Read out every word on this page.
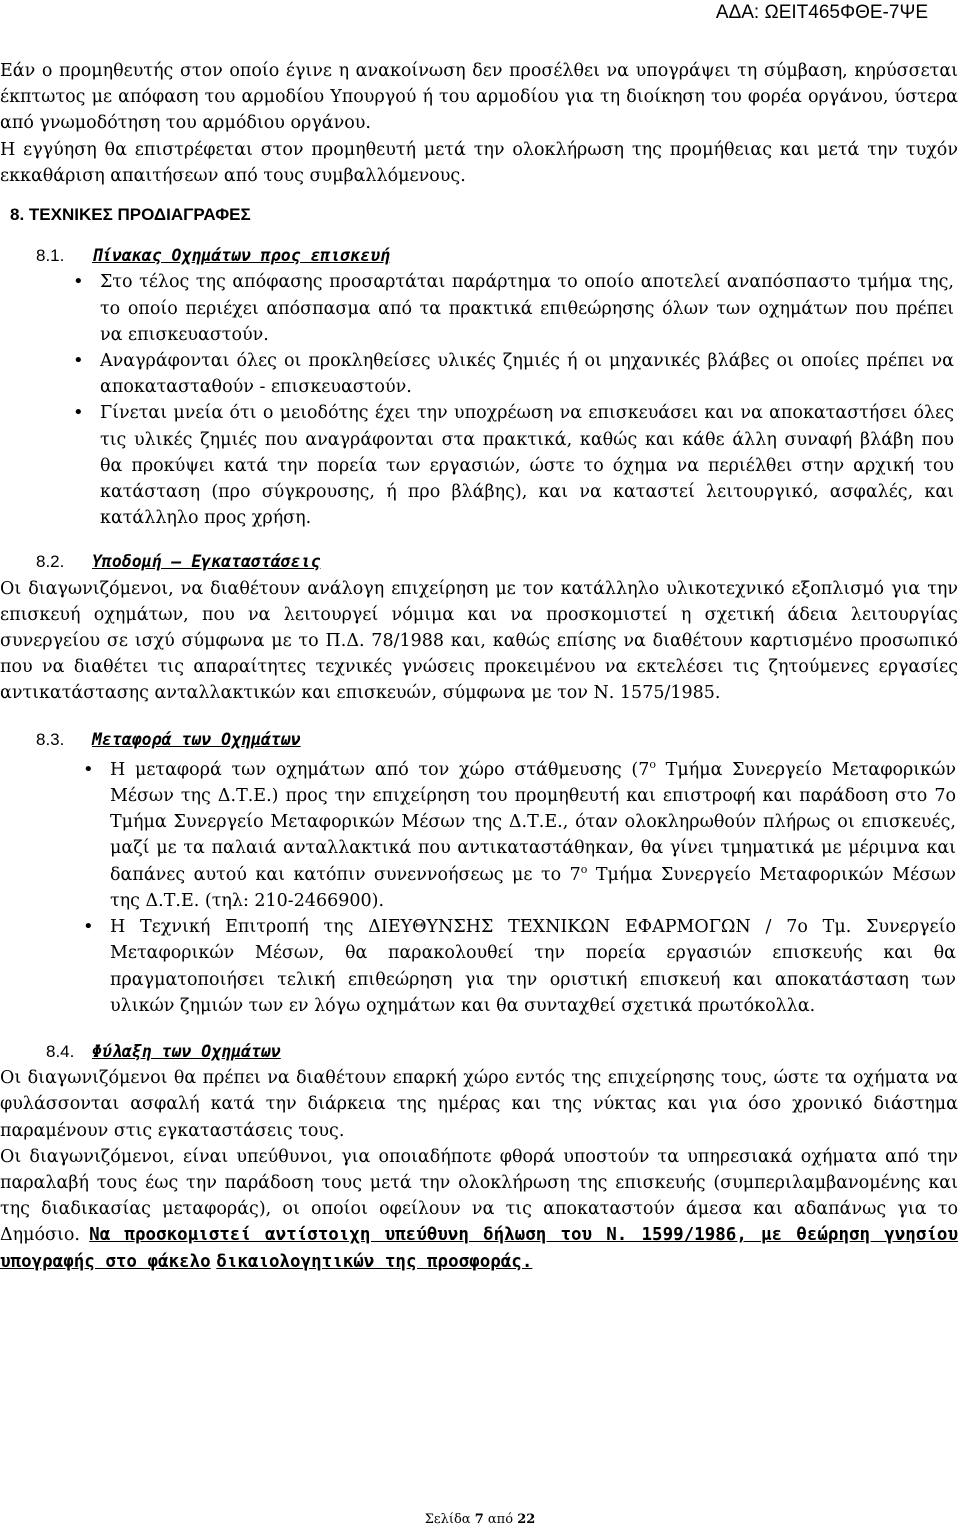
ΑΔΑ: ΩΕΙΤ465ΦΘΕ-7ΨΕ

Εάν ο προμηθευτής στον οποίο έγινε η ανακοίνωση δεν προσέλθει να υπογράψει τη σύμβαση, κηρύσσεται έκπτωτος με απόφαση του αρμοδίου Υπουργού ή του αρμοδίου για τη διοίκηση του φορέα οργάνου, ύστερα από γνωμοδότηση του αρμόδιου οργάνου.

Η εγγύηση θα επιστρέφεται στον προμηθευτή μετά την ολοκλήρωση της προμήθειας και μετά την τυχόν εκκαθάριση απαιτήσεων από τους συμβαλλόμενους.

8. ΤΕΧΝΙΚΕΣ ΠΡΟΔΙΑΓΡΑΦΕΣ
8.1.	Πίνακας Οχημάτων προς επισκευή
• Στο τέλος της απόφασης προσαρτάται παράρτημα το οποίο αποτελεί αναπόσπαστο τμήμα της, το οποίο περιέχει απόσπασμα από τα πρακτικά επιθεώρησης όλων των οχημάτων που πρέπει να επισκευαστούν.
• Αναγράφονται όλες οι προκληθείσες υλικές ζημιές ή οι μηχανικές βλάβες οι οποίες πρέπει να αποκατασταθούν - επισκευαστούν.
• Γίνεται μνεία ότι ο μειοδότης έχει την υποχρέωση να επισκευάσει και να αποκαταστήσει όλες τις υλικές ζημιές που αναγράφονται στα πρακτικά, καθώς και κάθε άλλη συναφή βλάβη που θα προκύψει κατά την πορεία των εργασιών, ώστε το όχημα να περιέλθει στην αρχική του κατάσταση (προ σύγκρουσης, ή προ βλάβης), και να καταστεί λειτουργικό, ασφαλές, και κατάλληλο προς χρήση.
8.2.	Υποδομή – Εγκαταστάσεις

Οι διαγωνιζόμενοι, να διαθέτουν ανάλογη επιχείρηση με τον κατάλληλο υλικοτεχνικό εξοπλισμό για την επισκευή οχημάτων, που να λειτουργεί νόμιμα και να προσκομιστεί η σχετική άδεια λειτουργίας συνεργείου σε ισχύ σύμφωνα με το Π.Δ. 78/1988 και, καθώς επίσης να διαθέτουν καρτισμένο προσωπικό που να διαθέτει τις απαραίτητες τεχνικές γνώσεις προκειμένου να εκτελέσει τις ζητούμενες εργασίες αντικατάστασης ανταλλακτικών και επισκευών, σύμφωνα με τον Ν. 1575/1985.

8.3.	Μεταφορά των Οχημάτων
• Η μεταφορά των οχημάτων από τον χώρο στάθμευσης ($7^o$ Τμήμα Συνεργείο Μεταφορικών Μέσων της Δ.Τ.Ε.) προς την επιχείρηση του προμηθευτή και επιστροφή και παράδοση στο 7ο Τμήμα Συνεργείο Μεταφορικών Μέσων της Δ.Τ.Ε., όταν ολοκληρωθούν πλήρως οι επισκευές, μαζί με τα παλαιά ανταλλακτικά που αντικαταστάθηκαν, θα γίνει τμηματικά με μέριμνα και δαπάνες αυτού και κατόπιν συνεννοήσεως με το $7^o$ Τμήμα Συνεργείο Μεταφορικών Μέσων της Δ.Τ.Ε. (τηλ: 210-2466900).
• Η Τεχνική Επιτροπή της ΔΙΕΥΘΥΝΣΗΣ ΤΕΧΝΙΚΩΝ ΕΦΑΡΜΟΓΩΝ / 7ο Τμ. Συνεργείο Μεταφορικών Μέσων, θα παρακολουθεί την πορεία εργασιών επισκευής και θα πραγματοποιήσει τελική επιθεώρηση για την οριστική επισκευή και αποκατάσταση των υλικών ζημιών των εν λόγω οχημάτων και θα συνταχθεί σχετικά πρωτόκολλα.
8.4.	Φύλαξη των Οχημάτων

Οι διαγωνιζόμενοι θα πρέπει να διαθέτουν επαρκή χώρο εντός της επιχείρησης τους, ώστε τα οχήματα να φυλάσσονται ασφαλή κατά την διάρκεια της ημέρας και της νύκτας και για όσο χρονικό διάστημα παραμένουν στις εγκαταστάσεις τους.

Οι διαγωνιζόμενοι, είναι υπεύθυνοι, για οποιαδήποτε φθορά υποστούν τα υπηρεσιακά οχήματα από την παραλαβή τους έως την παράδοση τους μετά την ολοκλήρωση της επισκευής (συμπεριλαμβανομένης και της διαδικασίας μεταφοράς), οι οποίοι οφείλουν να τις αποκαταστούν άμεσα και αδαπάνως για το Δημόσιο. Να προσκομιστεί αντίστοιχη υπεύθυνη δήλωση του Ν. 1599/1986, με θεώρηση γνησίου υπογραφής στο φάκελο δικαιολογητικών της προσφοράς.

Σελίδα 7 από 22
